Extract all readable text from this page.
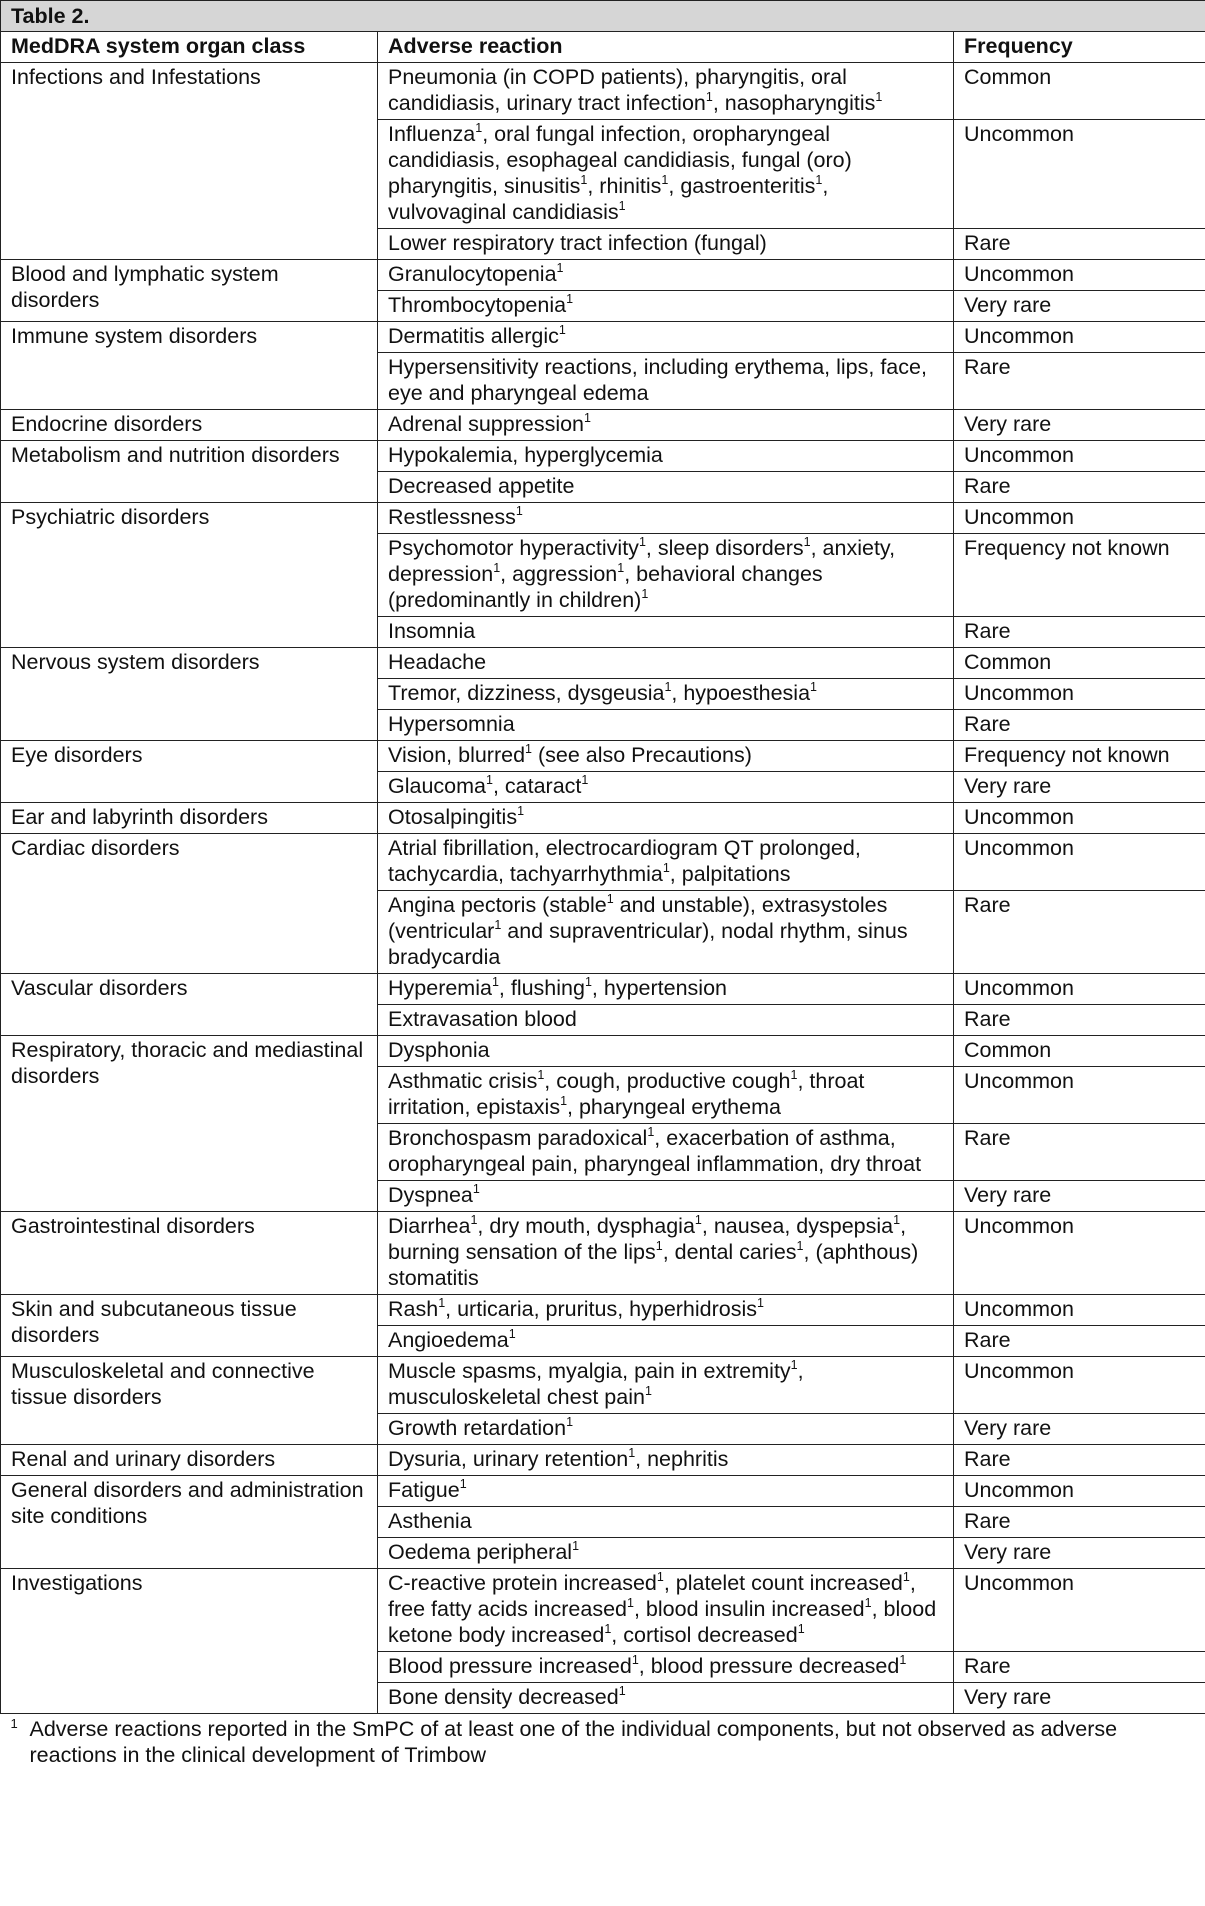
Table 2.		
MedDRA system organ class	Adverse reaction	Frequency
Infections and Infestations	Pneumonia (in COPD patients), pharyngitis, oral candidiasis, urinary tract infection$^1$, nasopharyngitis$^1$	Common
	Influenza$^1$, oral fungal infection, oropharyngeal candidiasis, esophageal candidiasis, fungal (oro) pharyngitis, sinusitis$^1$, rhinitis$^1$, gastroenteritis$^1$, vulvovaginal candidiasis$^1$	Uncommon
	Lower respiratory tract infection (fungal)	Rare
Blood and lymphatic system disorders	Granulocytopenia$^1$	Uncommon
	Thrombocytopenia$^1$	Very rare
Immune system disorders	Dermatitis allergic$^1$	Uncommon
	Hypersensitivity reactions, including erythema, lips, face, eye and pharyngeal edema	Rare
Endocrine disorders	Adrenal suppression$^1$	Very rare
Metabolism and nutrition disorders	Hypokalemia, hyperglycemia	Uncommon
	Decreased appetite	Rare
Psychiatric disorders	Restlessness$^1$	Uncommon
	Psychomotor hyperactivity$^1$, sleep disorders$^1$, anxiety, depression$^1$, aggression$^1$, behavioral changes (predominantly in children)$^1$	Frequency not known
	Insomnia	Rare
Nervous system disorders	Headache	Common
	Tremor, dizziness, dysgeusia$^1$, hypoesthesia$^1$	Uncommon
	Hypersomnia	Rare
Eye disorders	Vision, blurred$^1$ (see also Precautions)	Frequency not known
	Glaucoma$^1$, cataract$^1$	Very rare
Ear and labyrinth disorders	Otosalpingitis$^1$	Uncommon
Cardiac disorders	Atrial fibrillation, electrocardiogram QT prolonged, tachycardia, tachyarrhythmia$^1$, palpitations	Uncommon
	Angina pectoris (stable$^1$ and unstable), extrasystoles (ventricular$^1$ and supraventricular), nodal rhythm, sinus bradycardia	Rare
Vascular disorders	Hyperemia$^1$, flushing$^1$, hypertension	Uncommon
	Extravasation blood	Rare
Respiratory, thoracic and mediastinal disorders	Dysphonia	Common
	Asthmatic crisis$^1$, cough, productive cough$^1$, throat irritation, epistaxis$^1$, pharyngeal erythema	Uncommon
	Bronchospasm paradoxical$^1$, exacerbation of asthma, oropharyngeal pain, pharyngeal inflammation, dry throat	Rare
	Dyspnea$^1$	Very rare
Gastrointestinal disorders	Diarrhea$^1$, dry mouth, dysphagia$^1$, nausea, dyspepsia$^1$, burning sensation of the lips$^1$, dental caries$^1$, (aphthous) stomatitis	Uncommon
Skin and subcutaneous tissue disorders	Rash$^1$, urticaria, pruritus, hyperhidrosis$^1$	Uncommon
	Angioedema$^1$	Rare
Musculoskeletal and connective tissue disorders	Muscle spasms, myalgia, pain in extremity$^1$, musculoskeletal chest pain$^1$	Uncommon
	Growth retardation$^1$	Very rare
Renal and urinary disorders	Dysuria, urinary retention$^1$, nephritis	Rare
General disorders and administration site conditions	Fatigue$^1$	Uncommon
	Asthenia	Rare
	Oedema peripheral$^1$	Very rare
Investigations	C-reactive protein increased$^1$, platelet count increased$^1$, free fatty acids increased$^1$, blood insulin increased$^1$, blood ketone body increased$^1$, cortisol decreased$^1$	Uncommon
	Blood pressure increased$^1$, blood pressure decreased$^1$	Rare
	Bone density decreased$^1$	Very rare

1 Adverse reactions reported in the SmPC of at least one of the individual components, but not observed as adverse reactions in the clinical development of Trimbow		
